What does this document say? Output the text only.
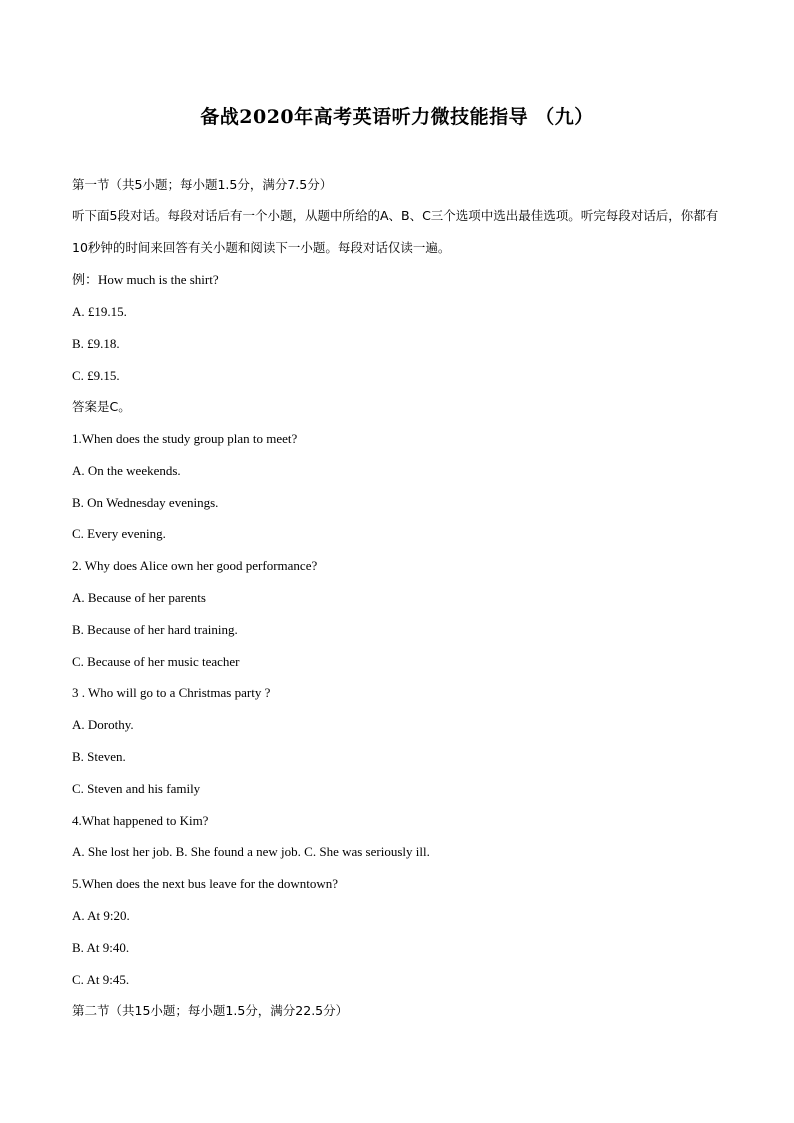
备战2020年高考英语听力微技能指导 （九）
第一节（共5小题；每小题1.5分，满分7.5分）
听下面5段对话。每段对话后有一个小题，从题中所给的A、B、C三个选项中选出最佳选项。听完每段对话后，你都有10秒钟的时间来回答有关小题和阅读下一小题。每段对话仅读一遍。
例：How much is the shirt?
A. £19.15.
B. £9.18.
C. £9.15.
答案是C。
1.When does the study group plan to meet?
A. On the weekends.
B. On Wednesday evenings.
C. Every evening.
2. Why does Alice own her good performance?
A. Because of her parents
B. Because of her hard training.
C. Because of her music teacher
3 . Who will go to a Christmas party ?
A. Dorothy.
B. Steven.
C. Steven and his family
4.What happened to Kim?
A. She lost her job. B. She found a new job. C. She was seriously ill.
5.When does the next bus leave for the downtown?
A. At 9:20.
B. At 9:40.
C. At 9:45.
第二节（共15小题；每小题1.5分，满分22.5分）
